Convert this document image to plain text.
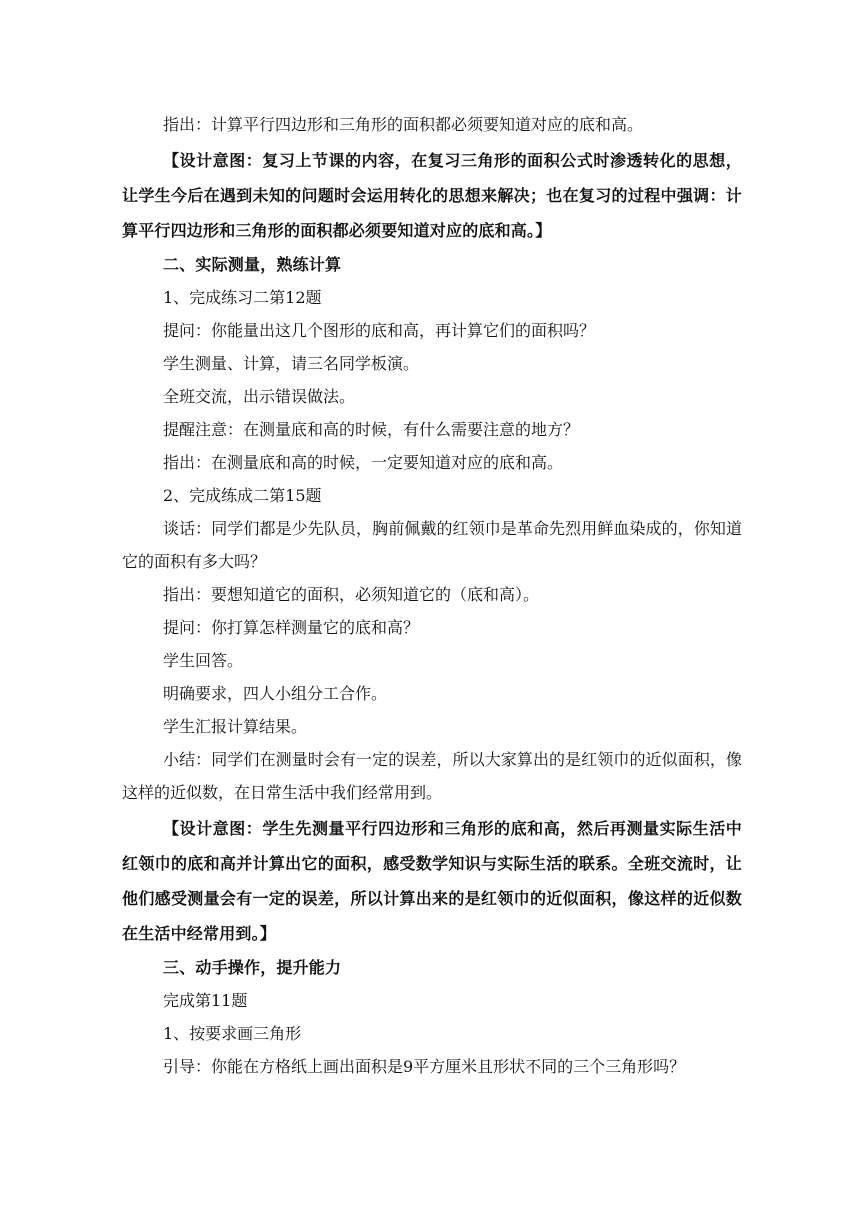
指出：计算平行四边形和三角形的面积都必须要知道对应的底和高。

【设计意图：复习上节课的内容，在复习三角形的面积公式时渗透转化的思想，让学生今后在遇到未知的问题时会运用转化的思想来解决；也在复习的过程中强调：计算平行四边形和三角形的面积都必须要知道对应的底和高。】

二、实际测量，熟练计算

1、完成练习二第12题

提问：你能量出这几个图形的底和高，再计算它们的面积吗？

学生测量、计算，请三名同学板演。

全班交流，出示错误做法。

提醒注意：在测量底和高的时候，有什么需要注意的地方？

指出：在测量底和高的时候，一定要知道对应的底和高。

2、完成练成二第15题

谈话：同学们都是少先队员，胸前佩戴的红领巾是革命先烈用鲜血染成的，你知道它的面积有多大吗？

指出：要想知道它的面积，必须知道它的（底和高）。

提问：你打算怎样测量它的底和高？

学生回答。

明确要求，四人小组分工合作。

学生汇报计算结果。

小结：同学们在测量时会有一定的误差，所以大家算出的是红领巾的近似面积，像这样的近似数，在日常生活中我们经常用到。

【设计意图：学生先测量平行四边形和三角形的底和高，然后再测量实际生活中红领巾的底和高并计算出它的面积，感受数学知识与实际生活的联系。全班交流时，让他们感受测量会有一定的误差，所以计算出来的是红领巾的近似面积，像这样的近似数在生活中经常用到。】

三、动手操作，提升能力

完成第11题

1、按要求画三角形

引导：你能在方格纸上画出面积是9平方厘米且形状不同的三个三角形吗？
